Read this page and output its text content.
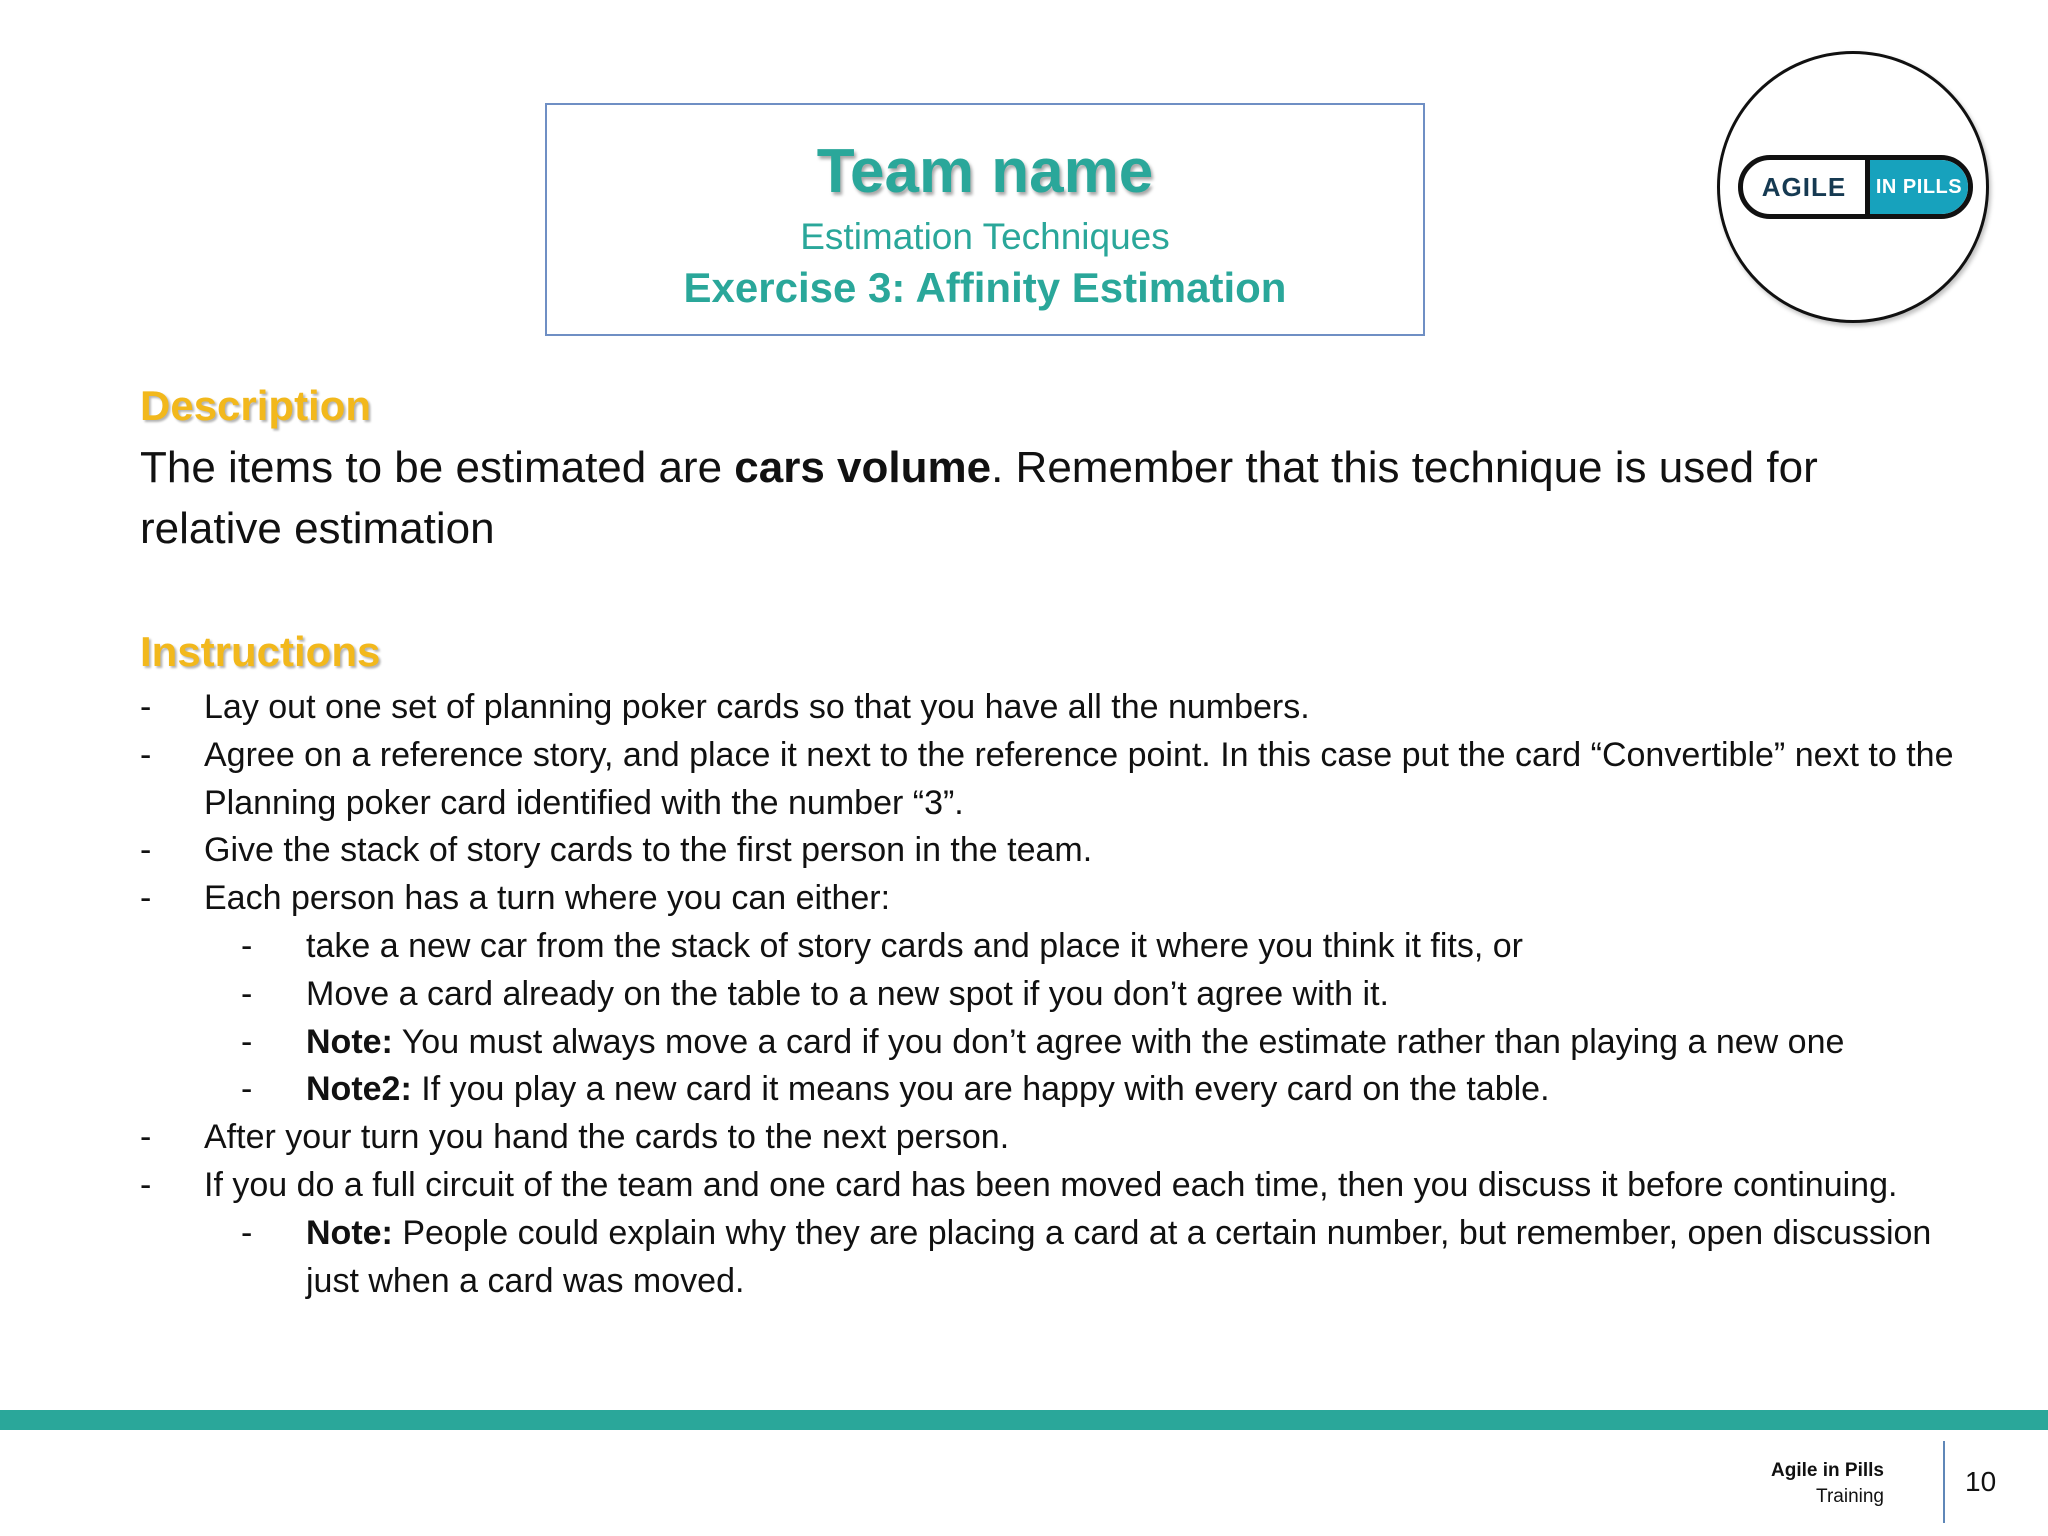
Team name
Estimation Techniques
Exercise 3: Affinity Estimation
AGILE	IN PILLS
Description
The items to be estimated are cars volume. Remember that this technique is used for relative estimation
Instructions
- Lay out one set of planning poker cards so that you have all the numbers.
- Agree on a reference story, and place it next to the reference point. In this case put the card “Convertible” next to the Planning poker card identified with the number “3”.
- Give the stack of story cards to the first person in the team.
- Each person has a turn where you can either:
- take a new car from the stack of story cards and place it where you think it fits, or
- Move a card already on the table to a new spot if you don’t agree with it.
- Note: You must always move a card if you don’t agree with the estimate rather than playing a new one
- Note2: If you play a new card it means you are happy with every card on the table.
- After your turn you hand the cards to the next person.
- If you do a full circuit of the team and one card has been moved each time, then you discuss it before continuing.
- Note: People could explain why they are placing a card at a certain number, but remember, open discussion just when a card was moved.
Agile in Pills
Training	10
